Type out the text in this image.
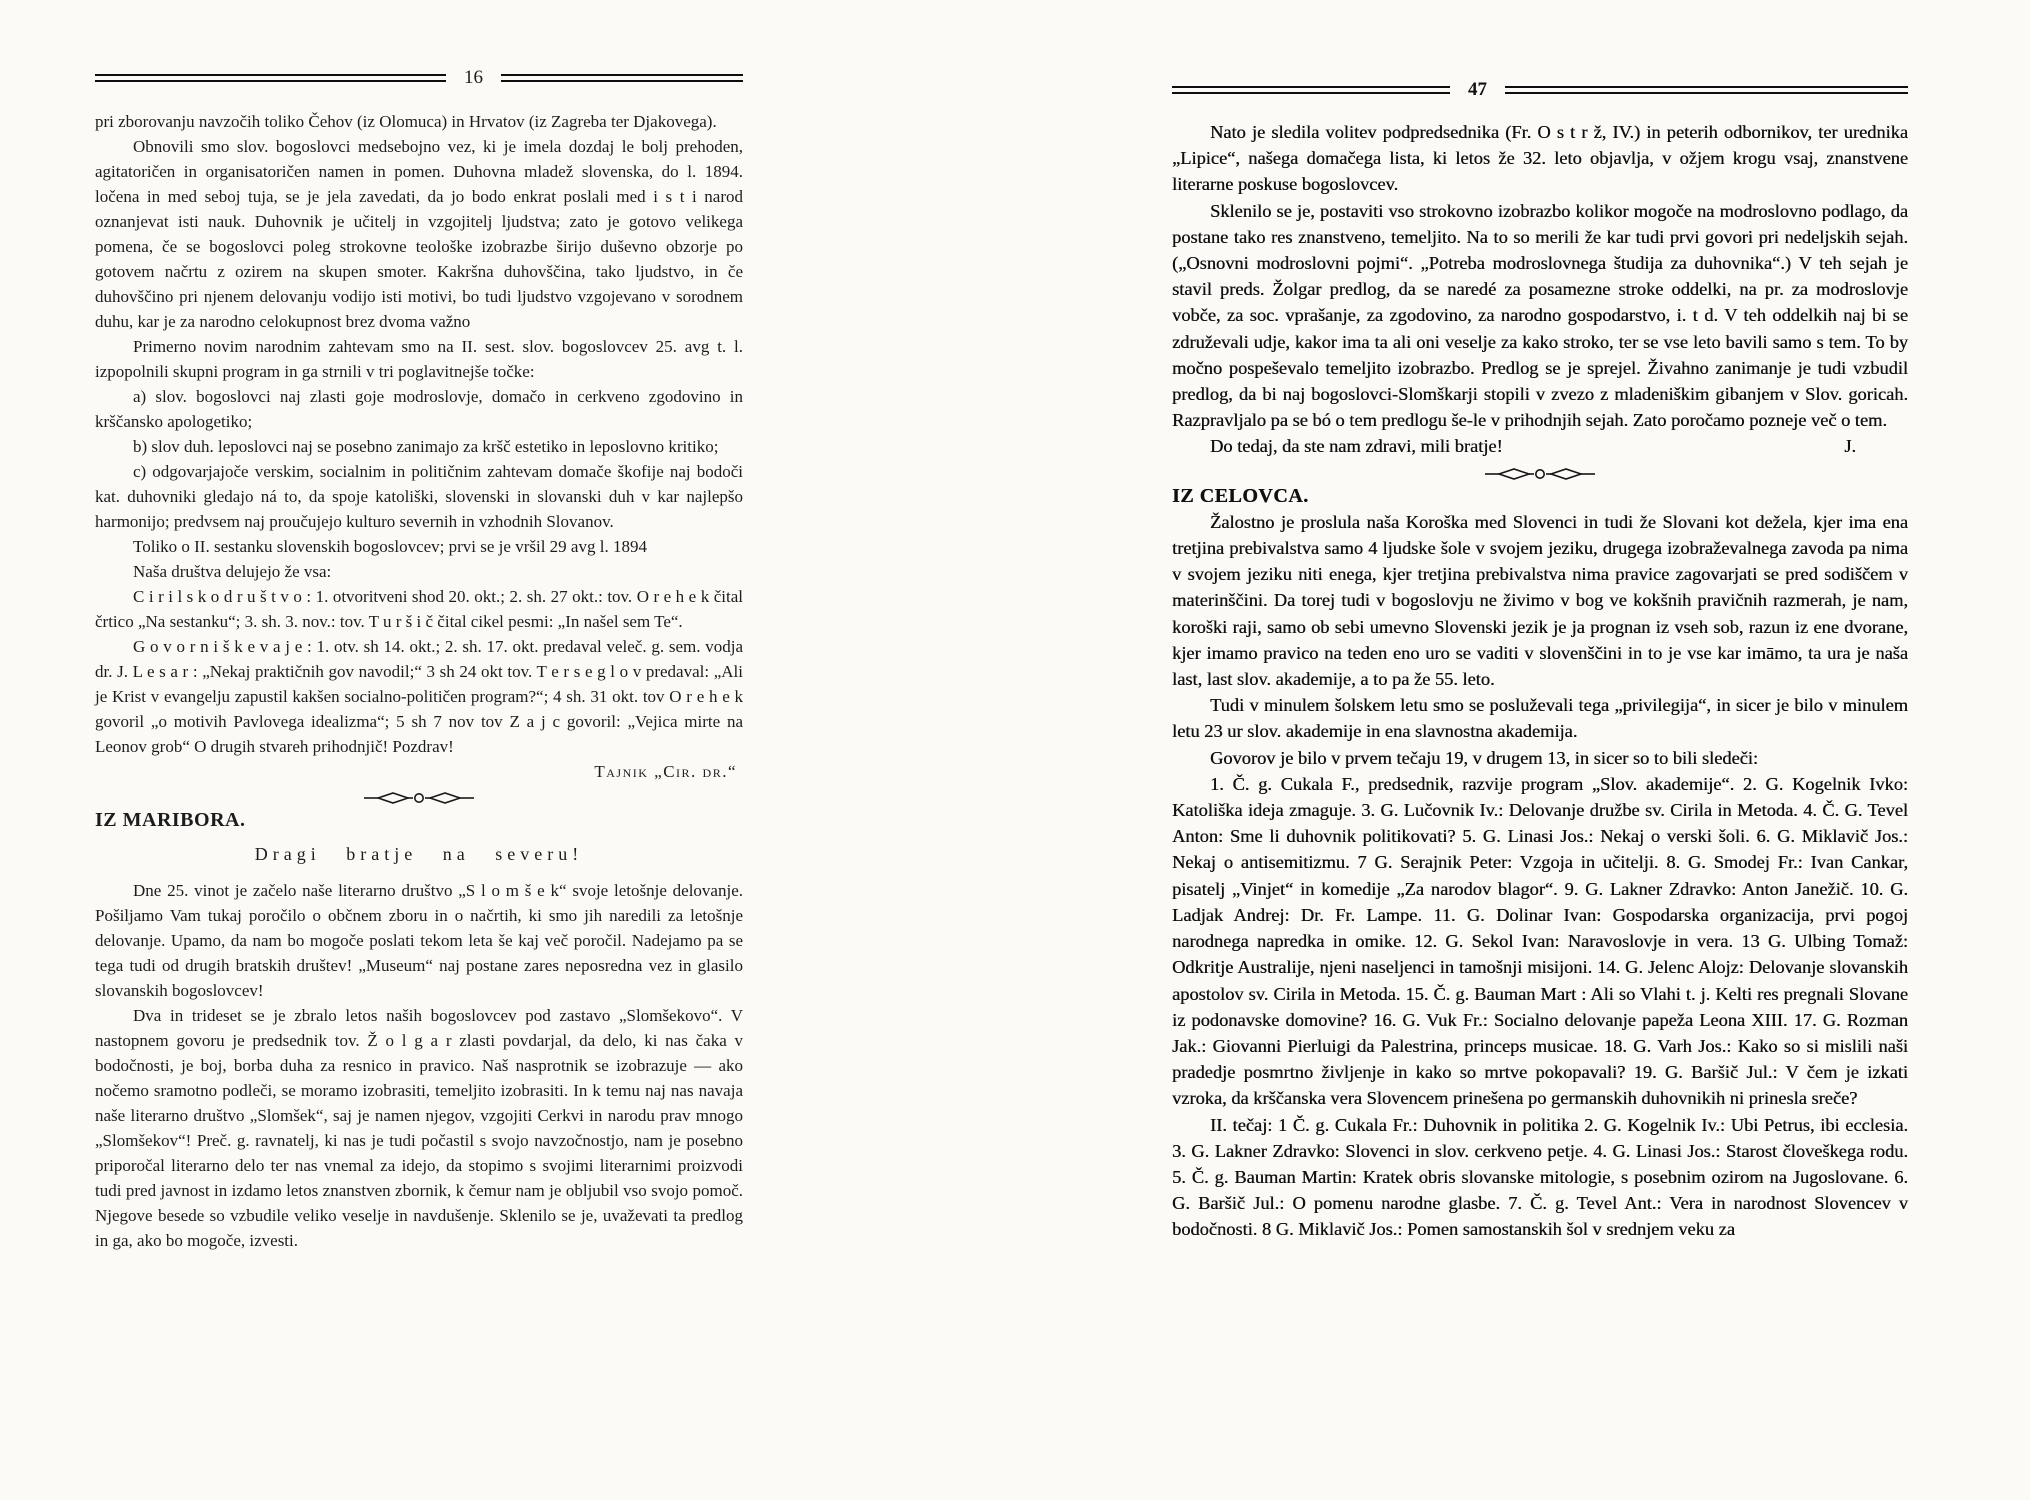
16

pri zborovanju navzočih toliko Čehov (iz Olomuca) in Hrvatov (iz Zagreba ter Djakovega).

Obnovili smo slov. bogoslovci medsebojno vez, ki je imela dozdaj le bolj prehoden, agitatoričen in organisatoričen namen in pomen. Duhovna mladež slovenska, do l. 1894. ločena in med seboj tuja, se je jela zavedati, da jo bodo enkrat poslali med i s t i narod oznanjevat isti nauk. Duhovnik je učitelj in vzgojitelj ljudstva; zato je gotovo velikega pomena, če se bogoslovci poleg strokovne teološke izobrazbe širijo duševno obzorje po gotovem načrtu z ozirem na skupen smoter. Kakršna duhovščina, tako ljudstvo, in če duhovščino pri njenem delovanju vodijo isti motivi, bo tudi ljudstvo vzgojevano v sorodnem duhu, kar je za narodno celokupnost brez dvoma važno

Primerno novim narodnim zahtevam smo na II. sest. slov. bogoslovcev 25. avg t. l. izpopolnili skupni program in ga strnili v tri poglavitnejše točke:

a) slov. bogoslovci naj zlasti goje modroslovje, domačo in cerkveno zgodovino in krščansko apologetiko;

b) slov duh. leposlovci naj se posebno zanimajo za kršč estetiko in leposlovno kritiko;

c) odgovarjajoče verskim, socialnim in političnim zahtevam domače škofije naj bodoči kat. duhovniki gledajo ná to, da spoje katoliški, slovenski in slovanski duh v kar najlepšo harmonijo; predvsem naj proučujejo kulturo severnih in vzhodnih Slovanov.

Toliko o II. sestanku slovenskih bogoslovcev; prvi se je vršil 29 avg l. 1894

Naša društva delujejo že vsa:

C i r i l s k o d r u š t v o : 1. otvoritveni shod 20. okt.; 2. sh. 27 okt.: tov. O r e h e k čital črtico „Na sestanku“; 3. sh. 3. nov.: tov. T u r š i č čital cikel pesmi: „In našel sem Te“.

G o v o r n i š k e v a j e : 1. otv. sh 14. okt.; 2. sh. 17. okt. predaval veleč. g. sem. vodja dr. J. L e s a r : „Nekaj praktičnih gov navodil;“ 3 sh 24 okt tov. T e r s e g l o v predaval: „Ali je Krist v evangelju zapustil kakšen socialno-političen program?“; 4 sh. 31 okt. tov O r e h e k govoril „o motivih Pavlovega idealizma“; 5 sh 7 nov tov Z a j c govoril: „Vejica mirte na Leonov grob“ O drugih stvareh prihodnjič! Pozdrav!

Tajnik „Cir. dr.“

IZ MARIBORA.

Dragi bratje na severu!

Dne 25. vinot je začelo naše literarno društvo „S l o m š e k“ svoje letošnje delovanje. Pošiljamo Vam tukaj poročilo o občnem zboru in o načrtih, ki smo jih naredili za letošnje delovanje. Upamo, da nam bo mogoče poslati tekom leta še kaj več poročil. Nadejamo pa se tega tudi od drugih bratskih društev! „Museum“ naj postane zares neposredna vez in glasilo slovanskih bogoslovcev!

Dva in trideset se je zbralo letos naših bogoslovcev pod zastavo „Slomšekovo“. V nastopnem govoru je predsednik tov. Ž o l g a r zlasti povdarjal, da delo, ki nas čaka v bodočnosti, je boj, borba duha za resnico in pravico. Naš nasprotnik se izobrazuje — ako nočemo sramotno podleči, se moramo izobrasiti, temeljito izobrasiti. In k temu naj nas navaja naše literarno društvo „Slomšek“, saj je namen njegov, vzgojiti Cerkvi in narodu prav mnogo „Slomšekov“! Preč. g. ravnatelj, ki nas je tudi počastil s svojo navzočnostjo, nam je posebno priporočal literarno delo ter nas vnemal za idejo, da stopimo s svojimi literarnimi proizvodi tudi pred javnost in izdamo letos znanstven zbornik, k čemur nam je obljubil vso svojo pomoč. Njegove besede so vzbudile veliko veselje in navdušenje. Sklenilo se je, uvaževati ta predlog in ga, ako bo mogoče, izvesti.

47

Nato je sledila volitev podpredsednika (Fr. O s t r ž, IV.) in peterih odbornikov, ter urednika „Lipice“, našega domačega lista, ki letos že 32. leto objavlja, v ožjem krogu vsaj, znanstvene literarne poskuse bogoslovcev.

Sklenilo se je, postaviti vso strokovno izobrazbo kolikor mogoče na modroslovno podlago, da postane tako res znanstveno, temeljito. Na to so merili že kar tudi prvi govori pri nedeljskih sejah. („Osnovni modroslovni pojmi“. „Potreba modroslovnega študija za duhovnika“.) V teh sejah je stavil preds. Žolgar predlog, da se naredé za posamezne stroke oddelki, na pr. za modroslovje vobče, za soc. vprašanje, za zgodovino, za narodno gospodarstvo, i. t d. V teh oddelkih naj bi se združevali udje, kakor ima ta ali oni veselje za kako stroko, ter se vse leto bavili samo s tem. To by močno pospeševalo temeljito izobrazbo. Predlog se je sprejel. Živahno zanimanje je tudi vzbudil predlog, da bi naj bogoslovci-Slomškarji stopili v zvezo z mladeniškim gibanjem v Slov. goricah. Razpravljalo pa se bó o tem predlogu še-le v prihodnjih sejah. Zato poročamo pozneje več o tem.

J.
Do tedaj, da ste nam zdravi, mili bratje!

IZ CELOVCA.

Žalostno je proslula naša Koroška med Slovenci in tudi že Slovani kot dežela, kjer ima ena tretjina prebivalstva samo 4 ljudske šole v svojem jeziku, drugega izobraževalnega zavoda pa nima v svojem jeziku niti enega, kjer tretjina prebivalstva nima pravice zagovarjati se pred sodiščem v materinščini. Da torej tudi v bogoslovju ne živimo v bog ve kokšnih pravičnih razmerah, je nam, koroški raji, samo ob sebi umevno Slovenski jezik je ja prognan iz vseh sob, razun iz ene dvorane, kjer imamo pravico na teden eno uro se vaditi v slovenščini in to je vse kar imāmo, ta ura je naša last, last slov. akademije, a to pa že 55. leto.

Tudi v minulem šolskem letu smo se posluževali tega „privilegija“, in sicer je bilo v minulem letu 23 ur slov. akademije in ena slavnostna akademija.

Govorov je bilo v prvem tečaju 19, v drugem 13, in sicer so to bili sledeči:

1. Č. g. Cukala F., predsednik, razvije program „Slov. akademije“. 2. G. Kogelnik Ivko: Katoliška ideja zmaguje. 3. G. Lučovnik Iv.: Delovanje družbe sv. Cirila in Metoda. 4. Č. G. Tevel Anton: Sme li duhovnik politikovati? 5. G. Linasi Jos.: Nekaj o verski šoli. 6. G. Miklavič Jos.: Nekaj o antisemitizmu. 7 G. Serajnik Peter: Vzgoja in učitelji. 8. G. Smodej Fr.: Ivan Cankar, pisatelj „Vinjet“ in komedije „Za narodov blagor“. 9. G. Lakner Zdravko: Anton Janežič. 10. G. Ladjak Andrej: Dr. Fr. Lampe. 11. G. Dolinar Ivan: Gospodarska organizacija, prvi pogoj narodnega napredka in omike. 12. G. Sekol Ivan: Naravoslovje in vera. 13 G. Ulbing Tomaž: Odkritje Australije, njeni naseljenci in tamošnji misijoni. 14. G. Jelenc Alojz: Delovanje slovanskih apostolov sv. Cirila in Metoda. 15. Č. g. Bauman Mart : Ali so Vlahi t. j. Kelti res pregnali Slovane iz podonavske domovine? 16. G. Vuk Fr.: Socialno delovanje papeža Leona XIII. 17. G. Rozman Jak.: Giovanni Pierluigi da Palestrina, princeps musicae. 18. G. Varh Jos.: Kako so si mislili naši pradedje posmrtno življenje in kako so mrtve pokopavali? 19. G. Baršič Jul.: V čem je izkati vzroka, da krščanska vera Slovencem prinešena po germanskih duhovnikih ni prinesla sreče?

II. tečaj: 1 Č. g. Cukala Fr.: Duhovnik in politika 2. G. Kogelnik Iv.: Ubi Petrus, ibi ecclesia. 3. G. Lakner Zdravko: Slovenci in slov. cerkveno petje. 4. G. Linasi Jos.: Starost človeškega rodu. 5. Č. g. Bauman Martin: Kratek obris slovanske mitologie, s posebnim ozirom na Jugoslovane. 6. G. Baršič Jul.: O pomenu narodne glasbe. 7. Č. g. Tevel Ant.: Vera in narodnost Slovencev v bodočnosti. 8 G. Miklavič Jos.: Pomen samostanskih šol v srednjem veku za
